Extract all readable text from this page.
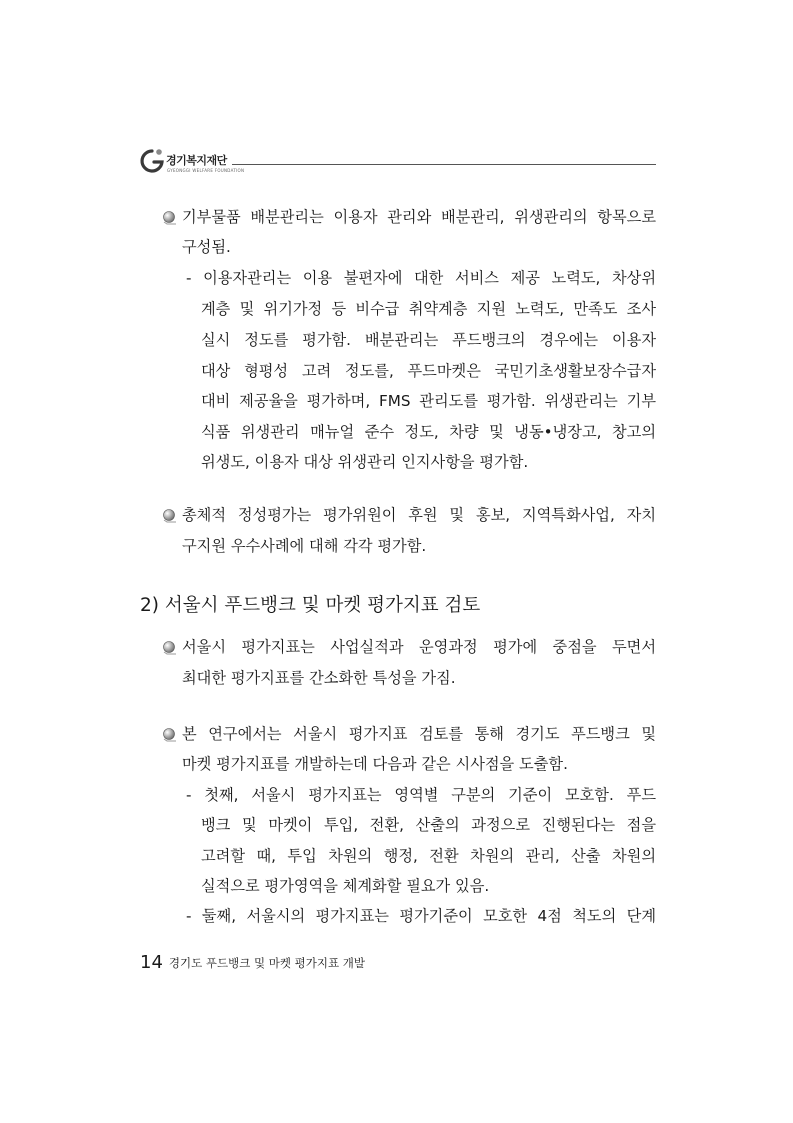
경기복지재단
GYEONGGI WELFARE FOUNDATION
기부물품 배분관리는 이용자 관리와 배분관리, 위생관리의 항목으로
구성됨.
- 이용자관리는 이용 불편자에 대한 서비스 제공 노력도, 차상위
계층 및 위기가정 등 비수급 취약계층 지원 노력도, 만족도 조사
실시 정도를 평가함. 배분관리는 푸드뱅크의 경우에는 이용자
대상 형평성 고려 정도를, 푸드마켓은 국민기초생활보장수급자
대비 제공율을 평가하며, FMS 관리도를 평가함. 위생관리는 기부
식품 위생관리 매뉴얼 준수 정도, 차량 및 냉동•냉장고, 창고의
위생도, 이용자 대상 위생관리 인지사항을 평가함.
총체적 정성평가는 평가위원이 후원 및 홍보, 지역특화사업, 자치
구지원 우수사례에 대해 각각 평가함.
2) 서울시 푸드뱅크 및 마켓 평가지표 검토
서울시 평가지표는 사업실적과 운영과정 평가에 중점을 두면서
최대한 평가지표를 간소화한 특성을 가짐.
본 연구에서는 서울시 평가지표 검토를 통해 경기도 푸드뱅크 및
마켓 평가지표를 개발하는데 다음과 같은 시사점을 도출함.
- 첫째, 서울시 평가지표는 영역별 구분의 기준이 모호함. 푸드
뱅크 및 마켓이 투입, 전환, 산출의 과정으로 진행된다는 점을
고려할 때, 투입 차원의 행정, 전환 차원의 관리, 산출 차원의
실적으로 평가영역을 체계화할 필요가 있음.
- 둘째, 서울시의 평가지표는 평가기준이 모호한 4점 척도의 단계
14 경기도 푸드뱅크 및 마켓 평가지표 개발
